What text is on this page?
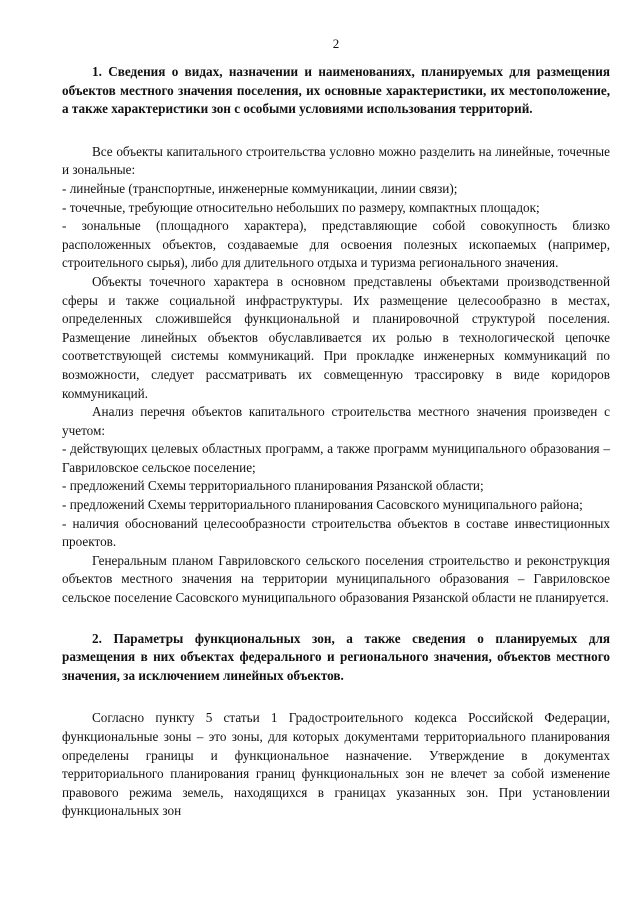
2

1. Сведения о видах, назначении и наименованиях, планируемых для размещения объектов местного значения поселения, их основные характеристики, их местоположение, а также характеристики зон с особыми условиями использования территорий.

Все объекты капитального строительства условно можно разделить на линейные, точечные и зональные:

- линейные (транспортные, инженерные коммуникации, линии связи);

- точечные, требующие относительно небольших по размеру, компактных площадок;

- зональные (площадного характера), представляющие собой совокупность близко расположенных объектов, создаваемые для освоения полезных ископаемых (например, строительного сырья), либо для длительного отдыха и туризма регионального значения.

Объекты точечного характера в основном представлены объектами производственной сферы и также социальной инфраструктуры. Их размещение целесообразно в местах, определенных сложившейся функциональной и планировочной структурой поселения. Размещение линейных объектов обуславливается их ролью в технологической цепочке соответствующей системы коммуникаций. При прокладке инженерных коммуникаций по возможности, следует рассматривать их совмещенную трассировку в виде коридоров коммуникаций.

Анализ перечня объектов капитального строительства местного значения произведен с учетом:

- действующих целевых областных программ, а также программ муниципального образования – Гавриловское сельское поселение;

- предложений Схемы территориального планирования Рязанской области;

- предложений Схемы территориального планирования Сасовского муниципального района;

- наличия обоснований целесообразности строительства объектов в составе инвестиционных проектов.

Генеральным планом Гавриловского сельского поселения строительство и реконструкция объектов местного значения на территории муниципального образования – Гавриловское сельское поселение Сасовского муниципального образования Рязанской области не планируется.

2. Параметры функциональных зон, а также сведения о планируемых для размещения в них объектах федерального и регионального значения, объектов местного значения, за исключением линейных объектов.

Согласно пункту 5 статьи 1 Градостроительного кодекса Российской Федерации, функциональные зоны – это зоны, для которых документами территориального планирования определены границы и функциональное назначение. Утверждение в документах территориального планирования границ функциональных зон не влечет за собой изменение правового режима земель, находящихся в границах указанных зон. При установлении функциональных зон
